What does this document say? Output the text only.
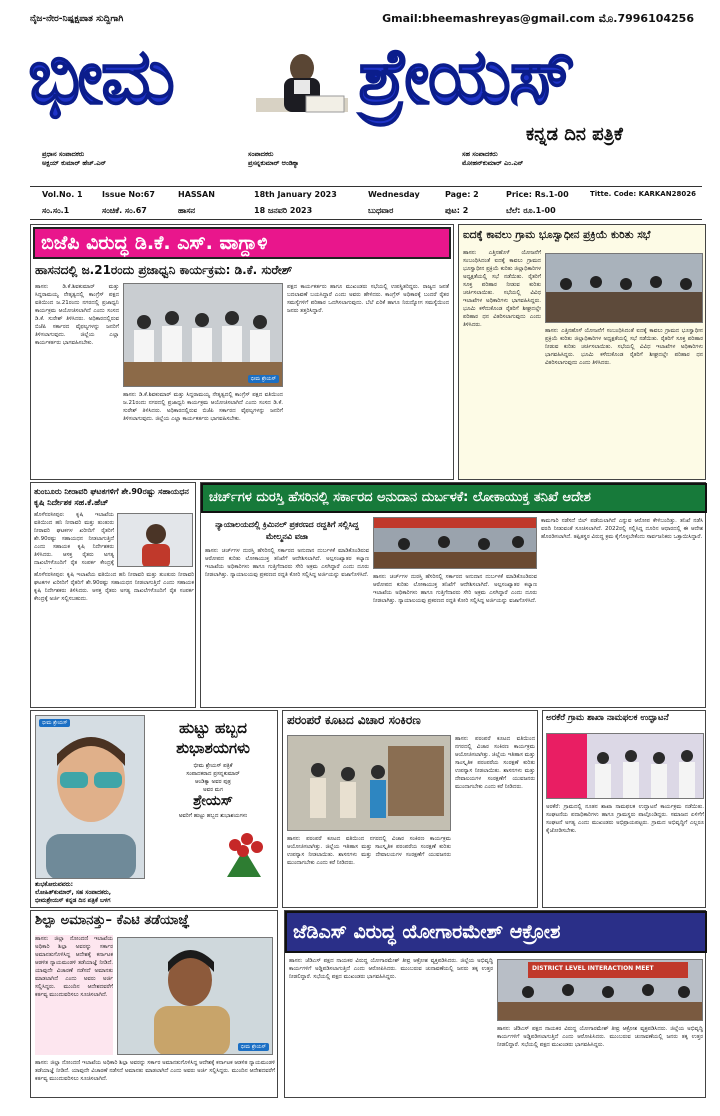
ನೈಜ-ನೇರ-ನಿಷ್ಪಕ್ಷಪಾತ ಸುದ್ದಿಗಾಗಿ	Gmail:bheemashreyas@gmail.com ಮೊ.7996104256
ಭೀಮ ಶ್ರೇಯಸ್
ಕನ್ನಡ ದಿನ ಪತ್ರಿಕೆ
ಪ್ರಧಾನ ಸಂಪಾದಕರು
ಅಕ್ಷಯ್ ಕುಮಾರ್ ಹೆಚ್.ಎನ್
ಸಂಪಾದಕರು
ಪ್ರಸನ್ನಕುಮಾರ್ ಆಂಡಿಕ್ಯಾ
ಸಹ ಸಂಪಾದಕರು
ಮೋಹನ್‌ಕುಮಾರ್ ಎಂ.ಎನ್
Vol.No. 1 Issue No:67	HASSAN	18th January 2023	Wednesday	Page: 2	Price: Rs.1-00	Titte. Code: KARKAN28026
ಸಂ.ಸಂ.1	ಸಂಚಿಕೆ. ಸಂ.67	ಹಾಸನ	18 ಜನವರಿ 2023	ಬುಧವಾರ	ಪುಟ: 2	ಬೆಲೆ: ರೂ.1-00
ಬಿಜೆಪಿ ವಿರುದ್ಧ ಡಿ.ಕೆ. ಎಸ್. ವಾಗ್ದಾಳಿ
ಹಾಸನದಲ್ಲಿ ಜ.21ರಂದು ಪ್ರಜಾಧ್ವನಿ ಕಾರ್ಯಕ್ರಮ: ಡಿ.ಕೆ. ಸುರೇಶ್
ಹಾಸನ: ಡಿ.ಕೆ.ಶಿವಕುಮಾರ್ ಮತ್ತು ಸಿದ್ದರಾಮಯ್ಯ ನೇತೃತ್ವದಲ್ಲಿ ಕಾಂಗ್ರೆಸ್ ಪಕ್ಷದ ವತಿಯಿಂದ ಜ.21ರಂದು ನಗರದಲ್ಲಿ ಪ್ರಜಾಧ್ವನಿ ಕಾರ್ಯಕ್ರಮ ಆಯೋಜಿಸಲಾಗಿದೆ ಎಂದು ಸಂಸದ ಡಿ.ಕೆ. ಸುರೇಶ್ ತಿಳಿಸಿದರು. ಅಧಿಕಾರದಲ್ಲಿರುವ ಬಿಜೆಪಿ ಸರ್ಕಾರದ ವೈಫಲ್ಯಗಳನ್ನು ಜನರಿಗೆ ತಿಳಿಸಲಾಗುವುದು. ಜಿಲ್ಲೆಯ ಎಲ್ಲಾ ಕಾರ್ಯಕರ್ತರು ಭಾಗವಹಿಸಬೇಕು.
ಭೀಮ ಶ್ರೇಯಸ್
ಪಕ್ಷದ ಕಾರ್ಯಕರ್ತರು ಹಾಗೂ ಮುಖಂಡರು ಸಭೆಯಲ್ಲಿ ಉಪಸ್ಥಿತರಿದ್ದರು. ರಾಜ್ಯದ ಜನತೆ ಬದಲಾವಣೆ ಬಯಸಿದ್ದಾರೆ ಎಂದು ಅವರು ಹೇಳಿದರು. ಕಾಂಗ್ರೆಸ್ ಅಧಿಕಾರಕ್ಕೆ ಬಂದರೆ ರೈತರ ಸಮಸ್ಯೆಗಳಿಗೆ ಪರಿಹಾರ ಒದಗಿಸಲಾಗುವುದು. ಬೆಲೆ ಏರಿಕೆ ಹಾಗೂ ನಿರುದ್ಯೋಗ ಸಮಸ್ಯೆಯಿಂದ ಜನರು ತತ್ತರಿಸಿದ್ದಾರೆ.
ಹಾಸನ: ಡಿ.ಕೆ.ಶಿವಕುಮಾರ್ ಮತ್ತು ಸಿದ್ದರಾಮಯ್ಯ ನೇತೃತ್ವದಲ್ಲಿ ಕಾಂಗ್ರೆಸ್ ಪಕ್ಷದ ವತಿಯಿಂದ ಜ.21ರಂದು ನಗರದಲ್ಲಿ ಪ್ರಜಾಧ್ವನಿ ಕಾರ್ಯಕ್ರಮ ಆಯೋಜಿಸಲಾಗಿದೆ ಎಂದು ಸಂಸದ ಡಿ.ಕೆ. ಸುರೇಶ್ ತಿಳಿಸಿದರು. ಅಧಿಕಾರದಲ್ಲಿರುವ ಬಿಜೆಪಿ ಸರ್ಕಾರದ ವೈಫಲ್ಯಗಳನ್ನು ಜನರಿಗೆ ತಿಳಿಸಲಾಗುವುದು. ಜಿಲ್ಲೆಯ ಎಲ್ಲಾ ಕಾರ್ಯಕರ್ತರು ಭಾಗವಹಿಸಬೇಕು.
ಐದಕ್ಕೆ ಕಾವಲು ಗ್ರಾಮ ಭೂಸ್ವಾಧೀನ ಪ್ರಕ್ರಿಯೆ ಕುರಿತು ಸಭೆ
ಹಾಸನ: ಎತ್ತಿನಹೊಳೆ ಯೋಜನೆಗೆ ಸಂಬಂಧಿಸಿದಂತೆ ಐದಕ್ಕೆ ಕಾವಲು ಗ್ರಾಮದ ಭೂಸ್ವಾಧೀನ ಪ್ರಕ್ರಿಯೆ ಕುರಿತು ಜಿಲ್ಲಾಧಿಕಾರಿಗಳ ಅಧ್ಯಕ್ಷತೆಯಲ್ಲಿ ಸಭೆ ನಡೆಯಿತು. ರೈತರಿಗೆ ಸೂಕ್ತ ಪರಿಹಾರ ನೀಡುವ ಕುರಿತು ಚರ್ಚಿಸಲಾಯಿತು. ಸಭೆಯಲ್ಲಿ ವಿವಿಧ ಇಲಾಖೆಗಳ ಅಧಿಕಾರಿಗಳು ಭಾಗವಹಿಸಿದ್ದರು. ಭೂಮಿ ಕಳೆದುಕೊಂಡ ರೈತರಿಗೆ ಶೀಘ್ರದಲ್ಲೇ ಪರಿಹಾರ ಧನ ವಿತರಿಸಲಾಗುವುದು ಎಂದು ತಿಳಿಸಿದರು.
ಹಾಸನ: ಎತ್ತಿನಹೊಳೆ ಯೋಜನೆಗೆ ಸಂಬಂಧಿಸಿದಂತೆ ಐದಕ್ಕೆ ಕಾವಲು ಗ್ರಾಮದ ಭೂಸ್ವಾಧೀನ ಪ್ರಕ್ರಿಯೆ ಕುರಿತು ಜಿಲ್ಲಾಧಿಕಾರಿಗಳ ಅಧ್ಯಕ್ಷತೆಯಲ್ಲಿ ಸಭೆ ನಡೆಯಿತು. ರೈತರಿಗೆ ಸೂಕ್ತ ಪರಿಹಾರ ನೀಡುವ ಕುರಿತು ಚರ್ಚಿಸಲಾಯಿತು. ಸಭೆಯಲ್ಲಿ ವಿವಿಧ ಇಲಾಖೆಗಳ ಅಧಿಕಾರಿಗಳು ಭಾಗವಹಿಸಿದ್ದರು. ಭೂಮಿ ಕಳೆದುಕೊಂಡ ರೈತರಿಗೆ ಶೀಘ್ರದಲ್ಲೇ ಪರಿಹಾರ ಧನ ವಿತರಿಸಲಾಗುವುದು ಎಂದು ತಿಳಿಸಿದರು.
ತುಂಬೂರು ನೀರಾವರಿ ಘಟಕಗಳಿಗೆ ಶೇ.90ರಷ್ಟು ಸಹಾಯಧನ ಕೃಷಿ ನಿರ್ದೇಶಕ ಸಹ.ಕೆ.ಹೆಚ್
ಹೊಳೆನರಸೀಪುರ: ಕೃಷಿ ಇಲಾಖೆಯ ವತಿಯಿಂದ ಹನಿ ನೀರಾವರಿ ಮತ್ತು ತುಂತುರು ನೀರಾವರಿ ಘಟಕಗಳ ಖರೀದಿಗೆ ರೈತರಿಗೆ ಶೇ.90ರಷ್ಟು ಸಹಾಯಧನ ನೀಡಲಾಗುತ್ತಿದೆ ಎಂದು ಸಹಾಯಕ ಕೃಷಿ ನಿರ್ದೇಶಕರು ತಿಳಿಸಿದರು. ಆಸಕ್ತ ರೈತರು ಅಗತ್ಯ ದಾಖಲೆಗಳೊಂದಿಗೆ ರೈತ ಸಂಪರ್ಕ ಕೇಂದ್ರಕ್ಕೆ
ಹೊಳೆನರಸೀಪುರ: ಕೃಷಿ ಇಲಾಖೆಯ ವತಿಯಿಂದ ಹನಿ ನೀರಾವರಿ ಮತ್ತು ತುಂತುರು ನೀರಾವರಿ ಘಟಕಗಳ ಖರೀದಿಗೆ ರೈತರಿಗೆ ಶೇ.90ರಷ್ಟು ಸಹಾಯಧನ ನೀಡಲಾಗುತ್ತಿದೆ ಎಂದು ಸಹಾಯಕ ಕೃಷಿ ನಿರ್ದೇಶಕರು ತಿಳಿಸಿದರು. ಆಸಕ್ತ ರೈತರು ಅಗತ್ಯ ದಾಖಲೆಗಳೊಂದಿಗೆ ರೈತ ಸಂಪರ್ಕ ಕೇಂದ್ರಕ್ಕೆ ಅರ್ಜಿ ಸಲ್ಲಿಸಬಹುದು.
ಚರ್ಚ್‌ಗಳ ದುರಸ್ತಿ ಹೆಸರಿನಲ್ಲಿ ಸರ್ಕಾರದ ಅನುದಾನ ದುರ್ಬಳಕೆ: ಲೋಕಾಯುಕ್ತ ತನಿಖೆ ಆದೇಶ
ನ್ಯಾಯಾಲಯದಲ್ಲಿ ಕ್ರಿಮಿನಲ್ ಪ್ರಕರಣದ ರದ್ದತಿಗೆ ಸಲ್ಲಿಸಿದ್ದ ಮೇಲ್ಮನವಿ ವಜಾ
ಹಾಸನ: ಚರ್ಚ್‌ಗಳ ದುರಸ್ತಿ ಹೆಸರಿನಲ್ಲಿ ಸರ್ಕಾರದ ಅನುದಾನ ದುರ್ಬಳಕೆ ಮಾಡಿಕೊಂಡಿರುವ ಆರೋಪದ ಕುರಿತು ಲೋಕಾಯುಕ್ತ ತನಿಖೆಗೆ ಆದೇಶಿಸಲಾಗಿದೆ. ಅಲ್ಪಸಂಖ್ಯಾತರ ಕಲ್ಯಾಣ ಇಲಾಖೆಯ ಅಧಿಕಾರಿಗಳು ಹಾಗೂ ಗುತ್ತಿಗೆದಾರರು ಸೇರಿ ಅಕ್ರಮ ಎಸಗಿದ್ದಾರೆ ಎಂದು ದೂರು ನೀಡಲಾಗಿತ್ತು. ನ್ಯಾಯಾಲಯವು ಪ್ರಕರಣದ ರದ್ದತಿ ಕೋರಿ ಸಲ್ಲಿಸಿದ್ದ ಅರ್ಜಿಯನ್ನು ವಜಾಗೊಳಿಸಿದೆ. ಹಾಸನ: ಚರ್ಚ್‌ಗಳ ದುರಸ್ತಿ ಹೆಸರಿನಲ್ಲಿ ಸರ್ಕಾರದ ಅನುದಾನ ದುರ್ಬಳಕೆ ಮಾಡಿಕೊಂಡಿರುವ ಆರೋಪದ ಕುರಿತು ಲೋಕಾಯುಕ್ತ ತನಿಖೆಗೆ ಆದೇಶಿಸಲಾಗಿದೆ. ಅಲ್ಪಸಂಖ್ಯಾತರ ಕಲ್ಯಾಣ ಇಲಾಖೆಯ ಅಧಿಕಾರಿಗಳು ಹಾಗೂ ಗುತ್ತಿಗೆದಾರರು ಸೇರಿ ಅಕ್ರಮ ಎಸಗಿದ್ದಾರೆ ಎಂದು ದೂರು ನೀಡಲಾಗಿತ್ತು. ನ್ಯಾಯಾಲಯವು ಪ್ರಕರಣದ ರದ್ದತಿ ಕೋರಿ ಸಲ್ಲಿಸಿದ್ದ ಅರ್ಜಿಯನ್ನು ವಜಾಗೊಳಿಸಿದೆ.
ಕಾಮಗಾರಿ ನಡೆಸದೆ ಬಿಲ್ ಪಡೆಯಲಾಗಿದೆ ಎನ್ನುವ ಆರೋಪ ಕೇಳಿಬಂದಿತ್ತು. ತನಿಖೆ ನಡೆಸಿ ವರದಿ ನೀಡುವಂತೆ ಸೂಚಿಸಲಾಗಿದೆ. 2022ರಲ್ಲಿ ಸಲ್ಲಿಸಿದ್ದ ದೂರಿನ ಆಧಾರದಲ್ಲಿ ಈ ಆದೇಶ ಹೊರಡಿಸಲಾಗಿದೆ. ತಪ್ಪಿತಸ್ಥರ ವಿರುದ್ಧ ಕ್ರಮ ಕೈಗೊಳ್ಳಬೇಕೆಂದು ಸಾರ್ವಜನಿಕರು ಒತ್ತಾಯಿಸಿದ್ದಾರೆ.
ಭೀಮ ಶ್ರೇಯಸ್	ಹುಟ್ಟು ಹಬ್ಬದ
ಶುಭಾಶಯಗಳು
ಭೀಮ ಶ್ರೇಯಸ್ ಪತ್ರಿಕೆ
ಸಂಪಾದಕರಾದ ಪ್ರಸನ್ನಕುಮಾರ್
ಆಂಡಿಕ್ಯಾ ಅವರ ಪುತ್ರ
ಅವರ ಮಗ
ಶ್ರೇಯಸ್
ಅವರಿಗೆ ಹುಟ್ಟು ಹಬ್ಬದ ಶುಭಾಶಯಗಳು
ಶುಭಕೋರುವವರು:
ಲೋಹಿತ್‌ಕುಮಾರ್, ಸಹ ಸಂಪಾದಕರು,
ಭೀಮಶ್ರೇಯಸ್ ಕನ್ನಡ ದಿನ ಪತ್ರಿಕೆ ಬಳಗ
ಪರಂಪರೆ ಕೂಟದ ವಿಚಾರ ಸಂಕಿರಣ
ಹಾಸನ: ಪರಂಪರೆ ಕೂಟದ ವತಿಯಿಂದ ನಗರದಲ್ಲಿ ವಿಚಾರ ಸಂಕಿರಣ ಕಾರ್ಯಕ್ರಮ ಆಯೋಜಿಸಲಾಗಿತ್ತು. ಜಿಲ್ಲೆಯ ಇತಿಹಾಸ ಮತ್ತು ಸಾಂಸ್ಕೃತಿಕ ಪರಂಪರೆಯ ಸಂರಕ್ಷಣೆ ಕುರಿತು ಉಪನ್ಯಾಸ ನೀಡಲಾಯಿತು. ಶಾಸನಗಳು ಮತ್ತು ದೇವಾಲಯಗಳ ಸಂರಕ್ಷಣೆಗೆ ಯುವಜನರು ಮುಂದಾಗಬೇಕು ಎಂದು ಕರೆ ನೀಡಿದರು.
ಹಾಸನ: ಪರಂಪರೆ ಕೂಟದ ವತಿಯಿಂದ ನಗರದಲ್ಲಿ ವಿಚಾರ ಸಂಕಿರಣ ಕಾರ್ಯಕ್ರಮ ಆಯೋಜಿಸಲಾಗಿತ್ತು. ಜಿಲ್ಲೆಯ ಇತಿಹಾಸ ಮತ್ತು ಸಾಂಸ್ಕೃತಿಕ ಪರಂಪರೆಯ ಸಂರಕ್ಷಣೆ ಕುರಿತು ಉಪನ್ಯಾಸ ನೀಡಲಾಯಿತು. ಶಾಸನಗಳು ಮತ್ತು ದೇವಾಲಯಗಳ ಸಂರಕ್ಷಣೆಗೆ ಯುವಜನರು ಮುಂದಾಗಬೇಕು ಎಂದು ಕರೆ ನೀಡಿದರು.
ಅರಕೆರೆ ಗ್ರಾಮ ಶಾಖಾ ನಾಮಫಲಕ ಉದ್ಘಾಟನೆ
ಅರಕೆರೆ: ಗ್ರಾಮದಲ್ಲಿ ನೂತನ ಶಾಖಾ ನಾಮಫಲಕ ಉದ್ಘಾಟನೆ ಕಾರ್ಯಕ್ರಮ ನಡೆಯಿತು. ಸಂಘಟನೆಯ ಪದಾಧಿಕಾರಿಗಳು ಹಾಗೂ ಗ್ರಾಮಸ್ಥರು ಪಾಲ್ಗೊಂಡಿದ್ದರು. ಸಮಾಜದ ಏಳಿಗೆಗೆ ಸಂಘಟನೆ ಅಗತ್ಯ ಎಂದು ಮುಖಂಡರು ಅಭಿಪ್ರಾಯಪಟ್ಟರು. ಗ್ರಾಮದ ಅಭಿವೃದ್ಧಿಗೆ ಎಲ್ಲರೂ ಕೈಜೋಡಿಸಬೇಕು.
ಶಿಲ್ಪಾ ಅಮಾನತ್ತು– ಕೆಎಟಿ ತಡೆಯಾಜ್ಞೆ
ಹಾಸನ: ಜಿಲ್ಲಾ ನೋಂದಣಿ ಇಲಾಖೆಯ ಅಧಿಕಾರಿ ಶಿಲ್ಪಾ ಅವರನ್ನು ಸರ್ಕಾರ ಅಮಾನತುಗೊಳಿಸಿದ್ದ ಆದೇಶಕ್ಕೆ ಕರ್ನಾಟಕ ಆಡಳಿತ ನ್ಯಾಯಮಂಡಳಿ ತಡೆಯಾಜ್ಞೆ ನೀಡಿದೆ. ಯಾವುದೇ ವಿಚಾರಣೆ ನಡೆಸದೆ ಅಮಾನತು ಮಾಡಲಾಗಿದೆ ಎಂದು ಅವರು ಅರ್ಜಿ ಸಲ್ಲಿಸಿದ್ದರು. ಮುಂದಿನ ಆದೇಶದವರೆಗೆ ಕರ್ತವ್ಯ ಮುಂದುವರಿಸಲು ಸೂಚಿಸಲಾಗಿದೆ.
ಭೀಮ ಶ್ರೇಯಸ್
ಹಾಸನ: ಜಿಲ್ಲಾ ನೋಂದಣಿ ಇಲಾಖೆಯ ಅಧಿಕಾರಿ ಶಿಲ್ಪಾ ಅವರನ್ನು ಸರ್ಕಾರ ಅಮಾನತುಗೊಳಿಸಿದ್ದ ಆದೇಶಕ್ಕೆ ಕರ್ನಾಟಕ ಆಡಳಿತ ನ್ಯಾಯಮಂಡಳಿ ತಡೆಯಾಜ್ಞೆ ನೀಡಿದೆ. ಯಾವುದೇ ವಿಚಾರಣೆ ನಡೆಸದೆ ಅಮಾನತು ಮಾಡಲಾಗಿದೆ ಎಂದು ಅವರು ಅರ್ಜಿ ಸಲ್ಲಿಸಿದ್ದರು. ಮುಂದಿನ ಆದೇಶದವರೆಗೆ ಕರ್ತವ್ಯ ಮುಂದುವರಿಸಲು ಸೂಚಿಸಲಾಗಿದೆ.
ಜೆಡಿಎಸ್ ವಿರುದ್ಧ ಯೋಗಾರಮೇಶ್ ಆಕ್ರೋಶ
ಹಾಸನ: ಜೆಡಿಎಸ್ ಪಕ್ಷದ ನಾಯಕರ ವಿರುದ್ಧ ಯೋಗಾರಮೇಶ್ ತೀವ್ರ ಆಕ್ರೋಶ ವ್ಯಕ್ತಪಡಿಸಿದರು. ಜಿಲ್ಲೆಯ ಅಭಿವೃದ್ಧಿ ಕಾರ್ಯಗಳಿಗೆ ಅಡ್ಡಿಪಡಿಸಲಾಗುತ್ತಿದೆ ಎಂದು ಆರೋಪಿಸಿದರು. ಮುಂಬರುವ ಚುನಾವಣೆಯಲ್ಲಿ ಜನರು ತಕ್ಕ ಉತ್ತರ ನೀಡಲಿದ್ದಾರೆ. ಸಭೆಯಲ್ಲಿ ಪಕ್ಷದ ಮುಖಂಡರು ಭಾಗವಹಿಸಿದ್ದರು.
DISTRICT LEVEL INTERACTION MEET
ಹಾಸನ: ಜೆಡಿಎಸ್ ಪಕ್ಷದ ನಾಯಕರ ವಿರುದ್ಧ ಯೋಗಾರಮೇಶ್ ತೀವ್ರ ಆಕ್ರೋಶ ವ್ಯಕ್ತಪಡಿಸಿದರು. ಜಿಲ್ಲೆಯ ಅಭಿವೃದ್ಧಿ ಕಾರ್ಯಗಳಿಗೆ ಅಡ್ಡಿಪಡಿಸಲಾಗುತ್ತಿದೆ ಎಂದು ಆರೋಪಿಸಿದರು. ಮುಂಬರುವ ಚುನಾವಣೆಯಲ್ಲಿ ಜನರು ತಕ್ಕ ಉತ್ತರ ನೀಡಲಿದ್ದಾರೆ. ಸಭೆಯಲ್ಲಿ ಪಕ್ಷದ ಮುಖಂಡರು ಭಾಗವಹಿಸಿದ್ದರು.
